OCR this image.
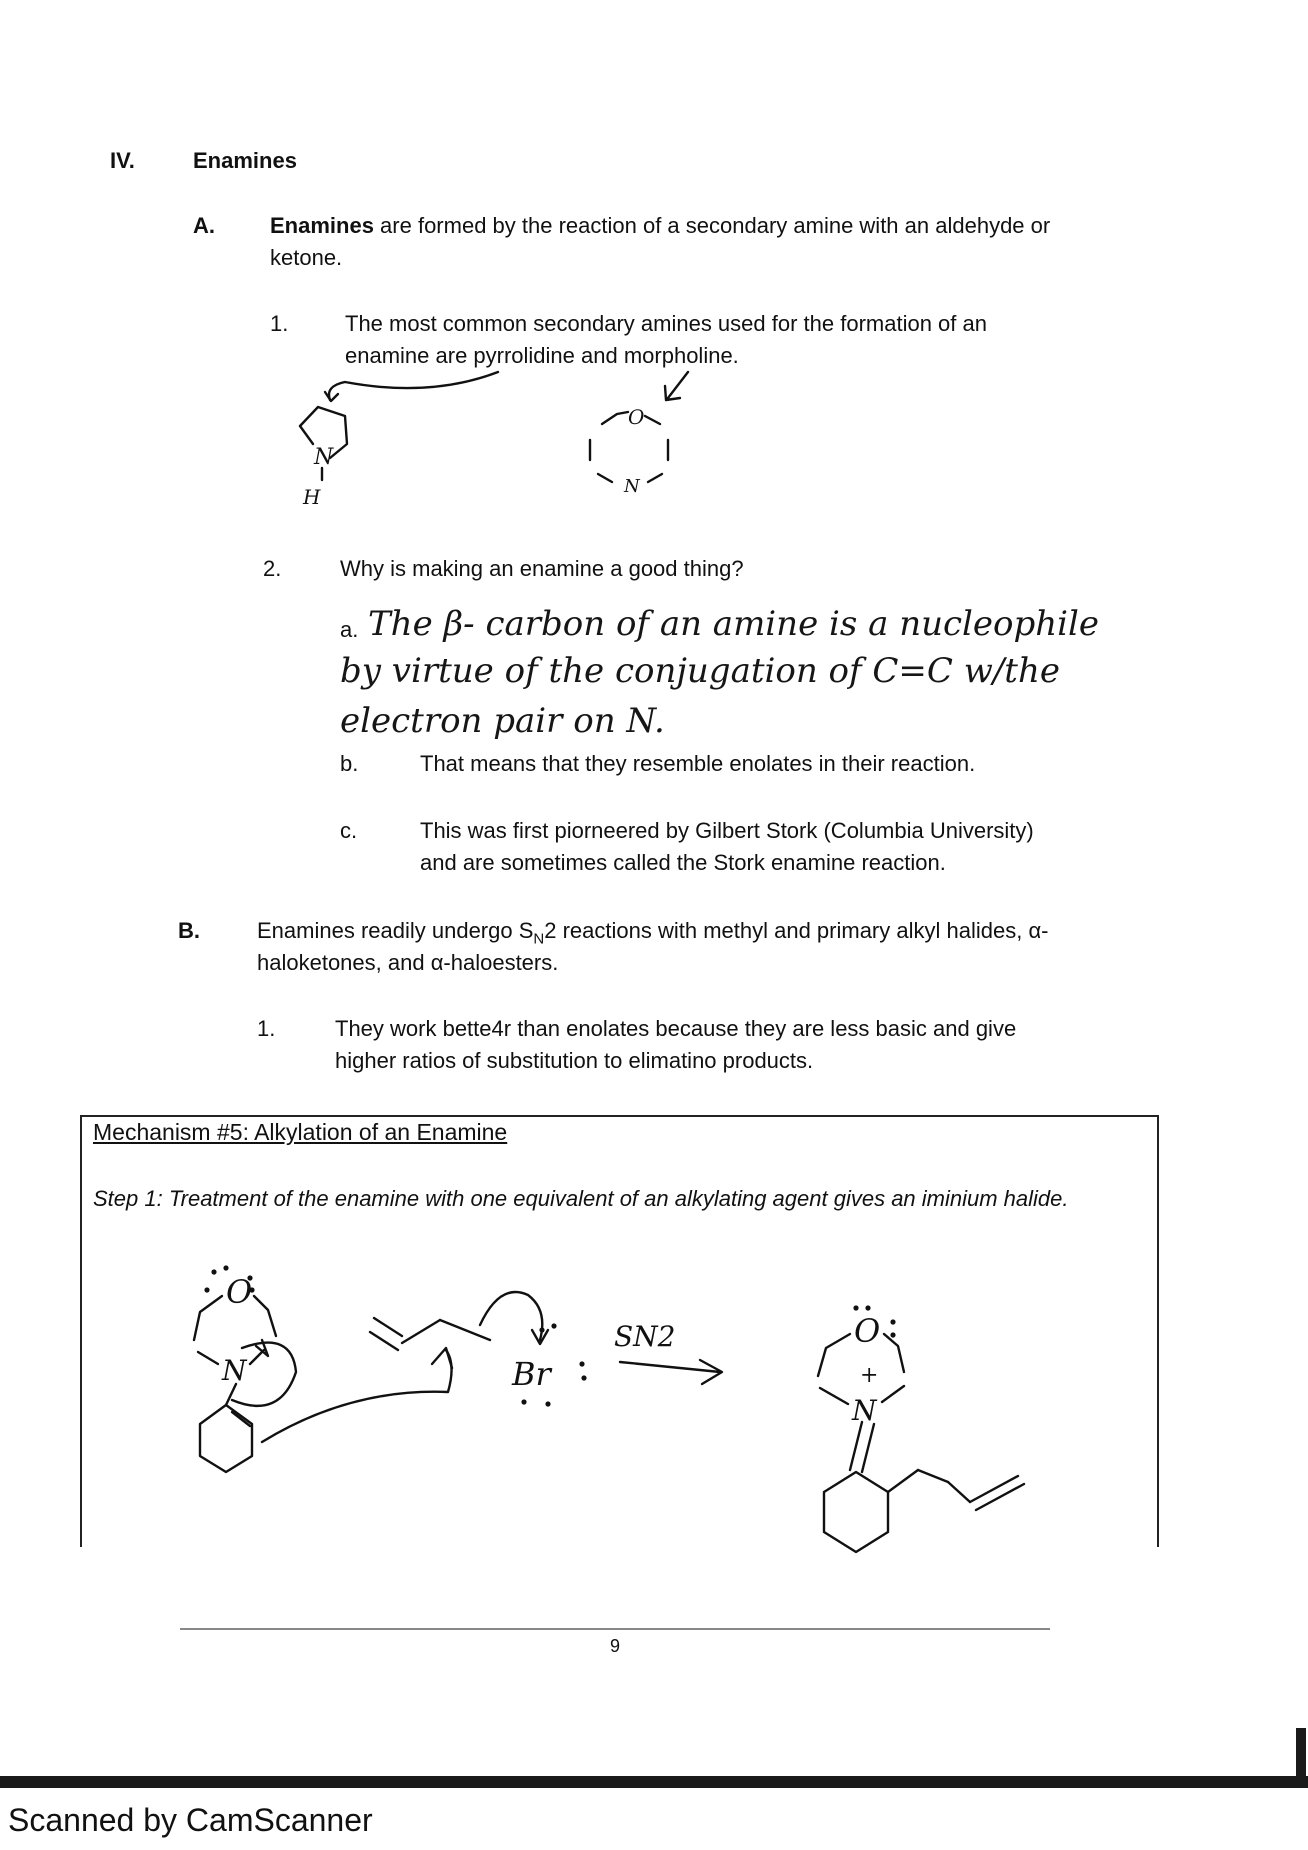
IV.	Enamines
A.	Enamines are formed by the reaction of a secondary amine with an aldehyde or
ketone.
1.	The most common secondary amines used for the formation of an
enamine are pyrrolidine and morpholine.
N
H
O
N
2.	Why is making an enamine a good thing?
a. The β- carbon of an amine is a nucleophile
by virtue of the conjugation of C=C w/the
electron pair on N.
b.	That means that they resemble enolates in their reaction.
c.	This was first piorneered by Gilbert Stork (Columbia University)
and are sometimes called the Stork enamine reaction.
B.	Enamines readily undergo $S_N2$ reactions with methyl and primary alkyl halides, α-
haloketones, and α-haloesters.
1.	They work bette4r than enolates because they are less basic and give
higher ratios of substitution to elimatino products.
Mechanism #5: Alkylation of an Enamine
Step 1: Treatment of the enamine with one equivalent of an alkylating agent gives an iminium halide.
O
N	Br
SN2	O
+
N
9
Scanned by CamScanner
